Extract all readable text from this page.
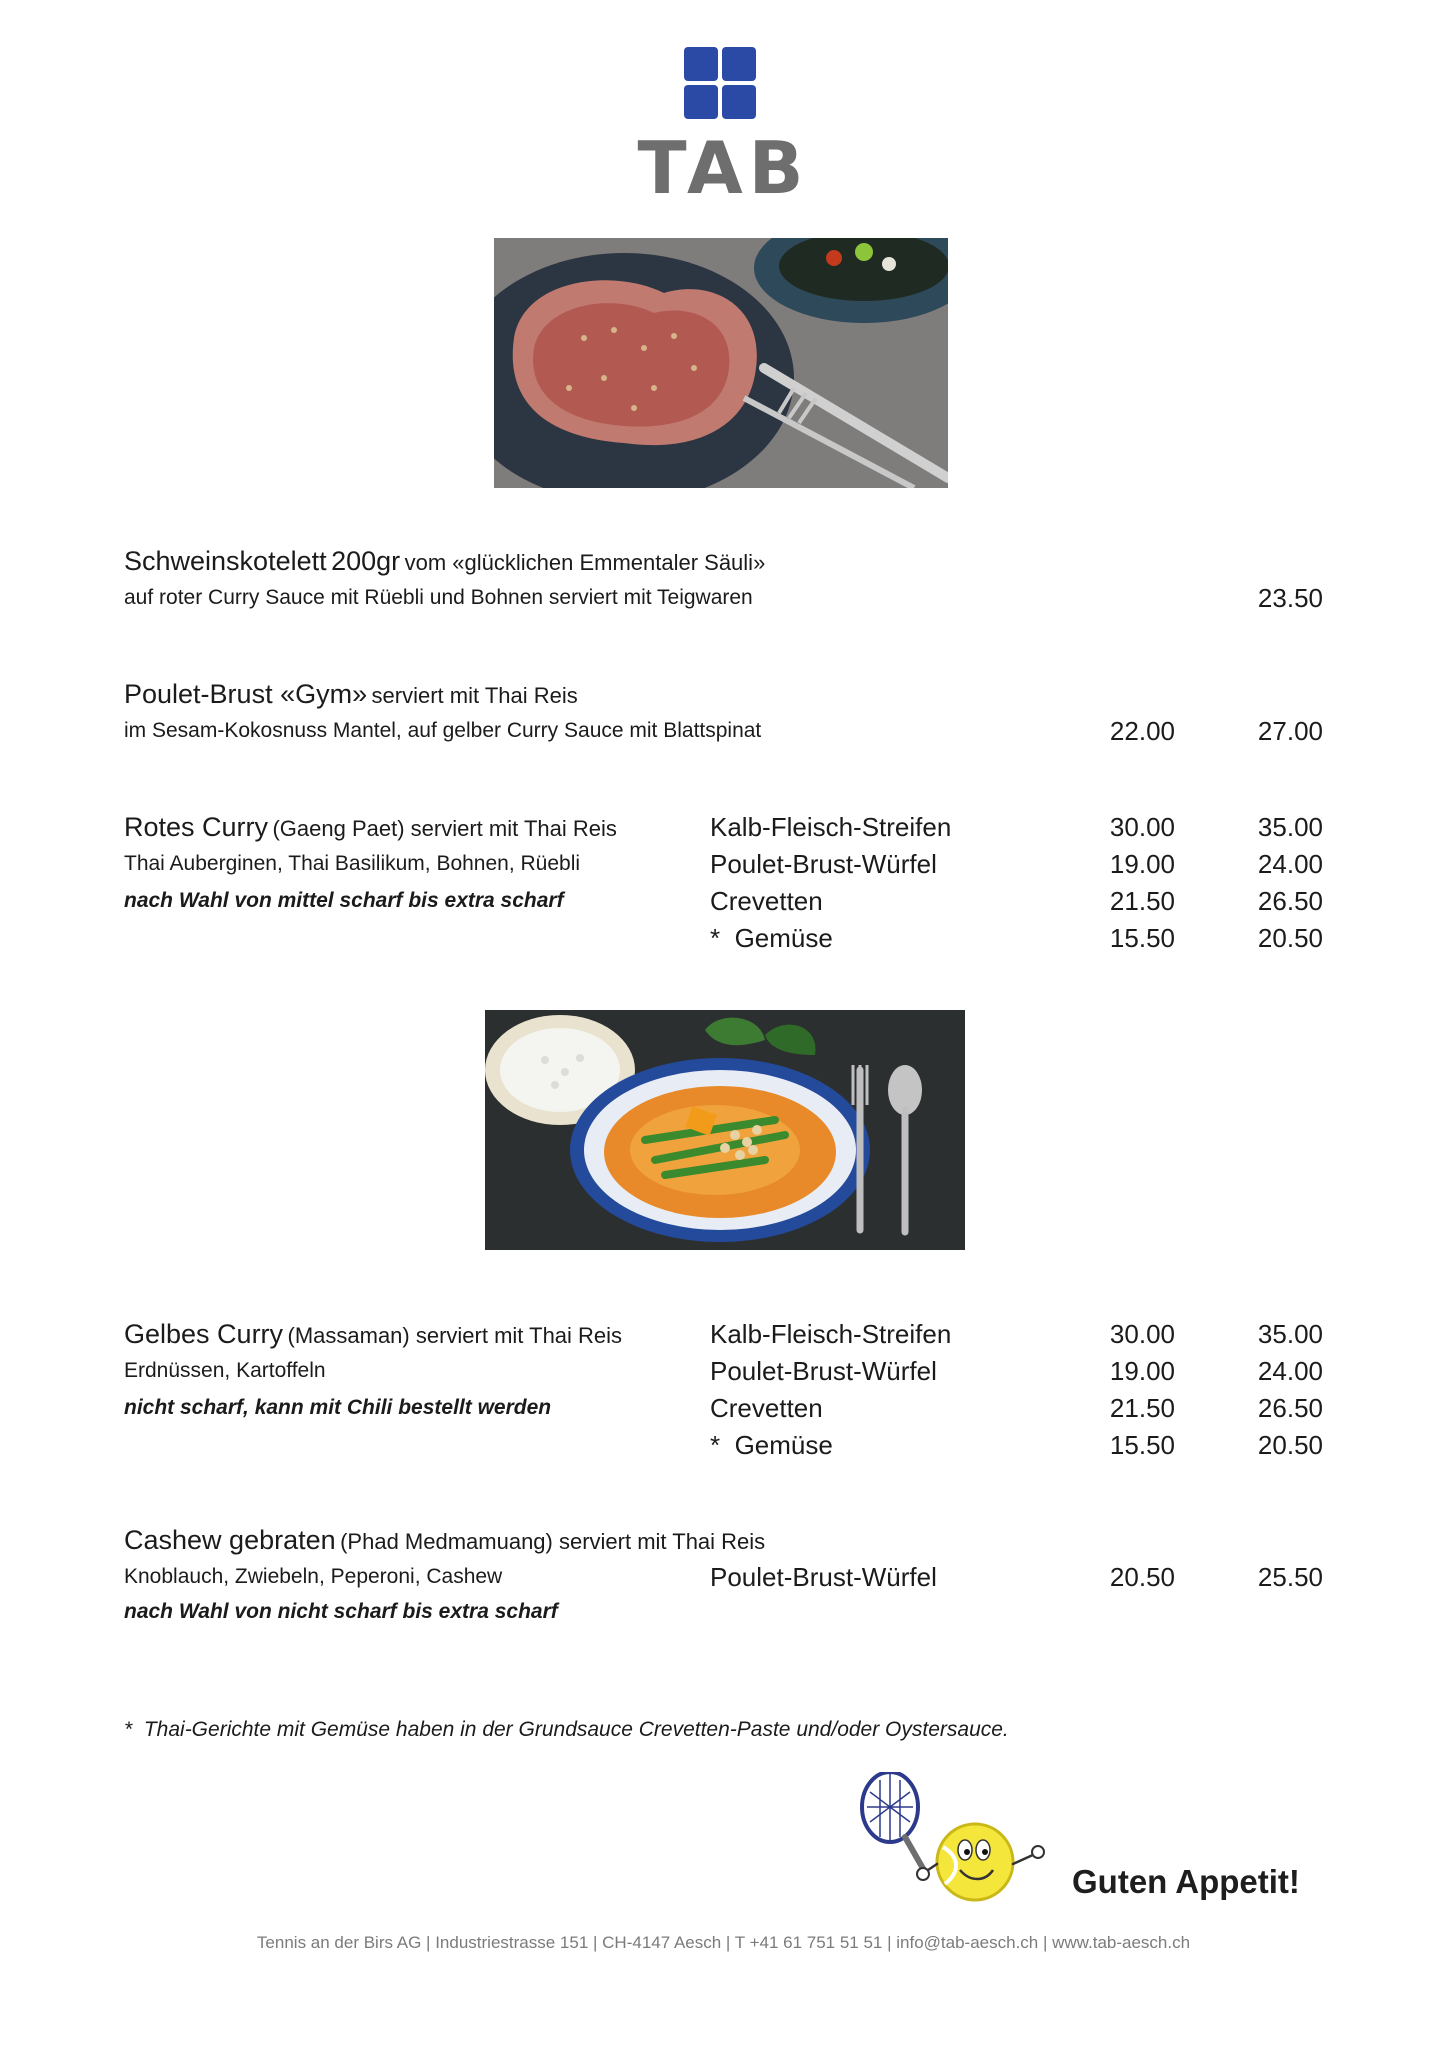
TAB
Schweinskotelett 200gr vom «glücklichen Emmentaler Säuli»
auf roter Curry Sauce mit Rüebli und Bohnen serviert mit Teigwaren	23.50
Poulet-Brust «Gym» serviert mit Thai Reis
im Sesam-Kokosnuss Mantel, auf gelber Curry Sauce mit Blattspinat	22.00	27.00
Rotes Curry (Gaeng Paet) serviert mit Thai Reis
Thai Auberginen, Thai Basilikum, Bohnen, Rüebli
nach Wahl von mittel scharf bis extra scharf
Kalb-Fleisch-Streifen	30.00	35.00
Poulet-Brust-Würfel	19.00	24.00
Crevetten	21.50	26.50
*  Gemüse	15.50	20.50
Gelbes Curry (Massaman) serviert mit Thai Reis
Erdnüssen, Kartoffeln
nicht scharf, kann mit Chili bestellt werden
Kalb-Fleisch-Streifen	30.00	35.00
Poulet-Brust-Würfel	19.00	24.00
Crevetten	21.50	26.50
*  Gemüse	15.50	20.50
Cashew gebraten (Phad Medmamuang) serviert mit Thai Reis
Knoblauch, Zwiebeln, Peperoni, Cashew
nach Wahl von nicht scharf bis extra scharf
Poulet-Brust-Würfel	20.50	25.50
*  Thai-Gerichte mit Gemüse haben in der Grundsauce Crevetten-Paste und/oder Oystersauce.
Guten Appetit!
Tennis an der Birs AG | Industriestrasse 151 | CH-4147 Aesch | T +41 61 751 51 51 | info@tab-aesch.ch | www.tab-aesch.ch
